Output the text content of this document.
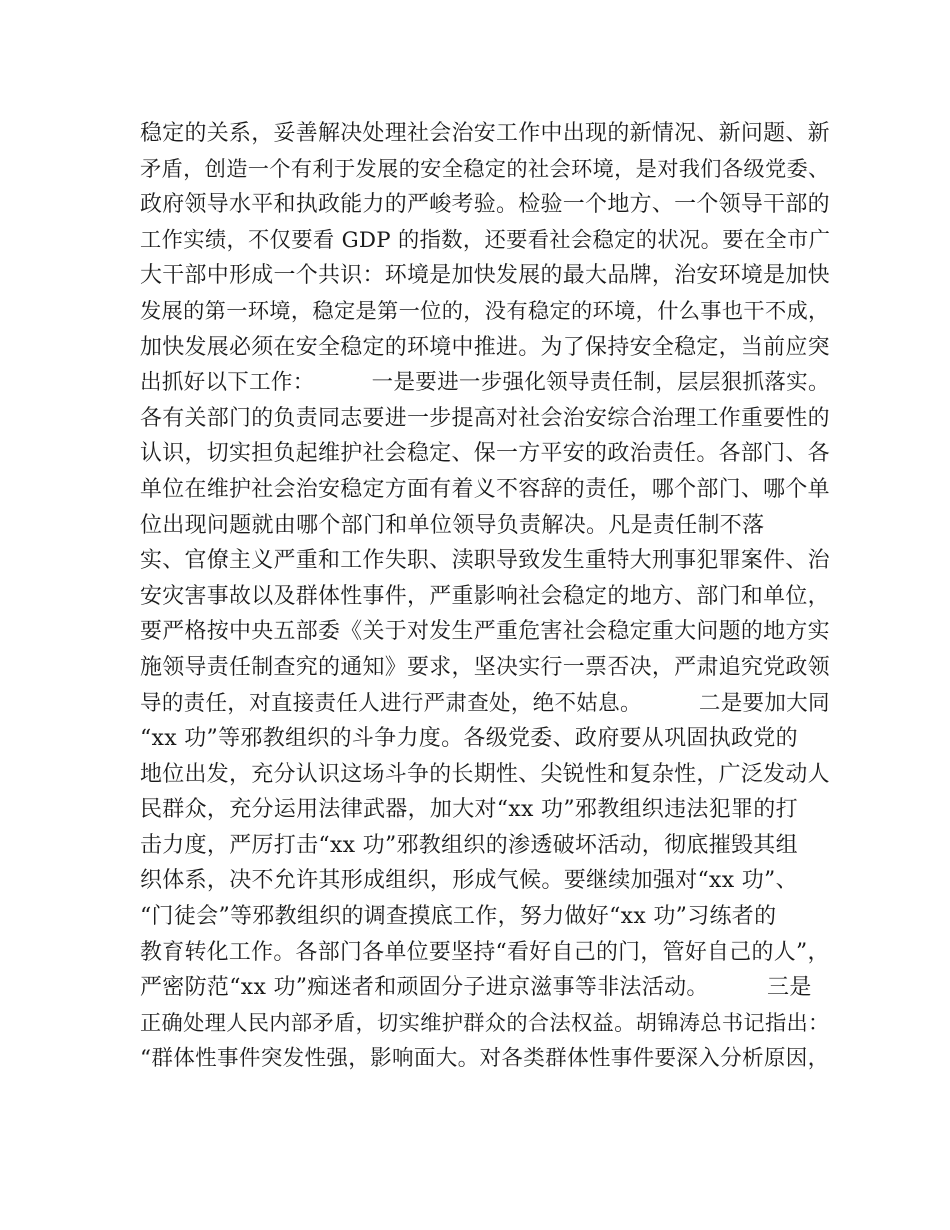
稳定的关系，妥善解决处理社会治安工作中出现的新情况、新问题、新
矛盾，创造一个有利于发展的安全稳定的社会环境，是对我们各级党委、
政府领导水平和执政能力的严峻考验。检验一个地方、一个领导干部的
工作实绩，不仅要看 GDP 的指数，还要看社会稳定的状况。要在全市广
大干部中形成一个共识：环境是加快发展的最大品牌，治安环境是加快
发展的第一环境，稳定是第一位的，没有稳定的环境，什么事也干不成，
加快发展必须在安全稳定的环境中推进。为了保持安全稳定，当前应突
出抓好以下工作：        一是要进一步强化领导责任制，层层狠抓落实。
各有关部门的负责同志要进一步提高对社会治安综合治理工作重要性的
认识，切实担负起维护社会稳定、保一方平安的政治责任。各部门、各
单位在维护社会治安稳定方面有着义不容辞的责任，哪个部门、哪个单
位出现问题就由哪个部门和单位领导负责解决。凡是责任制不落
实、官僚主义严重和工作失职、渎职导致发生重特大刑事犯罪案件、治
安灾害事故以及群体性事件，严重影响社会稳定的地方、部门和单位，
要严格按中央五部委《关于对发生严重危害社会稳定重大问题的地方实
施领导责任制查究的通知》要求，坚决实行一票否决，严肃追究党政领
导的责任，对直接责任人进行严肃查处，绝不姑息。        二是要加大同
“xx 功”等邪教组织的斗争力度。各级党委、政府要从巩固执政党的
地位出发，充分认识这场斗争的长期性、尖锐性和复杂性，广泛发动人
民群众，充分运用法律武器，加大对“xx 功”邪教组织违法犯罪的打
击力度，严厉打击“xx 功”邪教组织的渗透破坏活动，彻底摧毁其组
织体系，决不允许其形成组织，形成气候。要继续加强对“xx 功”、
“门徒会”等邪教组织的调查摸底工作，努力做好“xx 功”习练者的
教育转化工作。各部门各单位要坚持“看好自己的门，管好自己的人”，
严密防范“xx 功”痴迷者和顽固分子进京滋事等非法活动。        三是
正确处理人民内部矛盾，切实维护群众的合法权益。胡锦涛总书记指出：
“群体性事件突发性强，影响面大。对各类群体性事件要深入分析原因，
